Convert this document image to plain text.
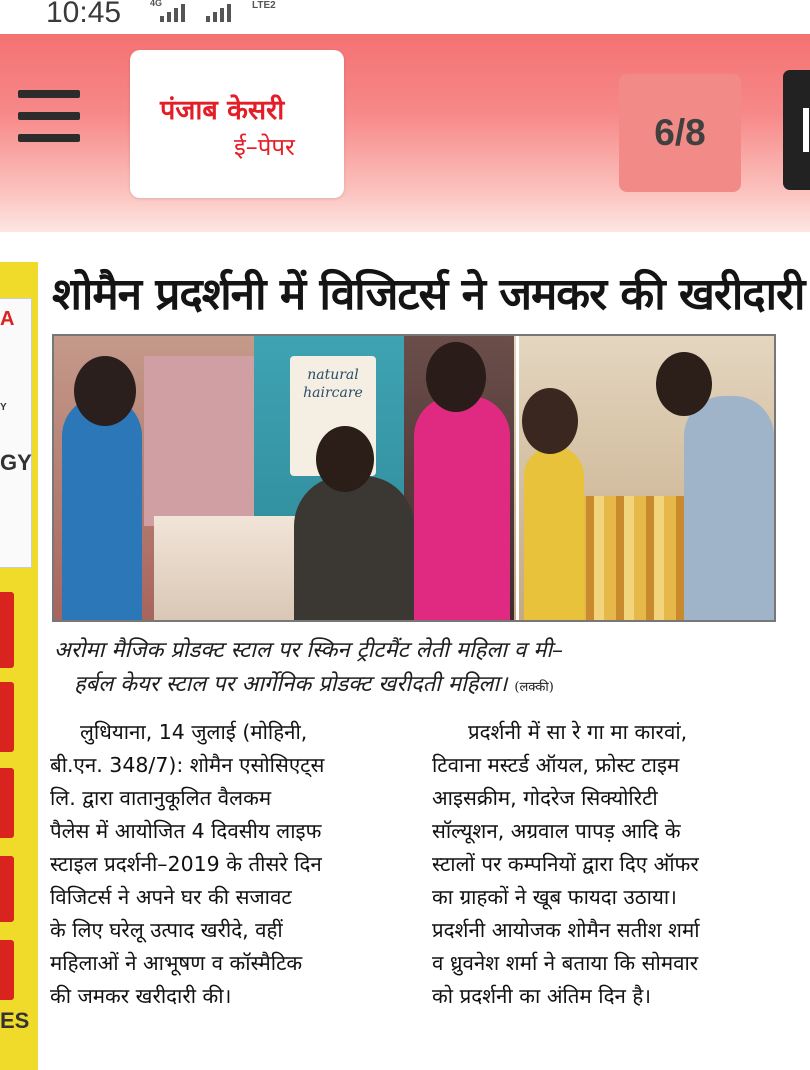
10:45	4G	LTE2
पंजाब केसरी
ई–पेपर	6/8
A
Y
GY
ES
शोमैन प्रदर्शनी में विजिटर्स ने जमकर की खरीदारी
natural haircare
अरोमा मैजिक प्रोडक्ट स्टाल पर स्किन ट्रीटमैंट लेती महिला व मी–
हर्बल केयर स्टाल पर आर्गेनिक प्रोडक्ट खरीदती महिला। (लक्की)
लुधियाना, 14 जुलाई (मोहिनी,
बी.एन. 348/7): शोमैन एसोसिएट्स
लि. द्वारा वातानुकूलित वैलकम
पैलेस में आयोजित 4 दिवसीय लाइफ
स्टाइल प्रदर्शनी–2019 के तीसरे दिन
विजिटर्स ने अपने घर की सजावट
के लिए घरेलू उत्पाद खरीदे, वहीं
महिलाओं ने आभूषण व कॉस्मैटिक
की जमकर खरीदारी की।
प्रदर्शनी में सा रे गा मा कारवां,
टिवाना मस्टर्ड ऑयल, फ्रोस्ट टाइम
आइसक्रीम, गोदरेज सिक्योरिटी
सॉल्यूशन, अग्रवाल पापड़ आदि के
स्टालों पर कम्पनियों द्वारा दिए ऑफर
का ग्राहकों ने खूब फायदा उठाया।
प्रदर्शनी आयोजक शोमैन सतीश शर्मा
व ध्रुवनेश शर्मा ने बताया कि सोमवार
को प्रदर्शनी का अंतिम दिन है।
